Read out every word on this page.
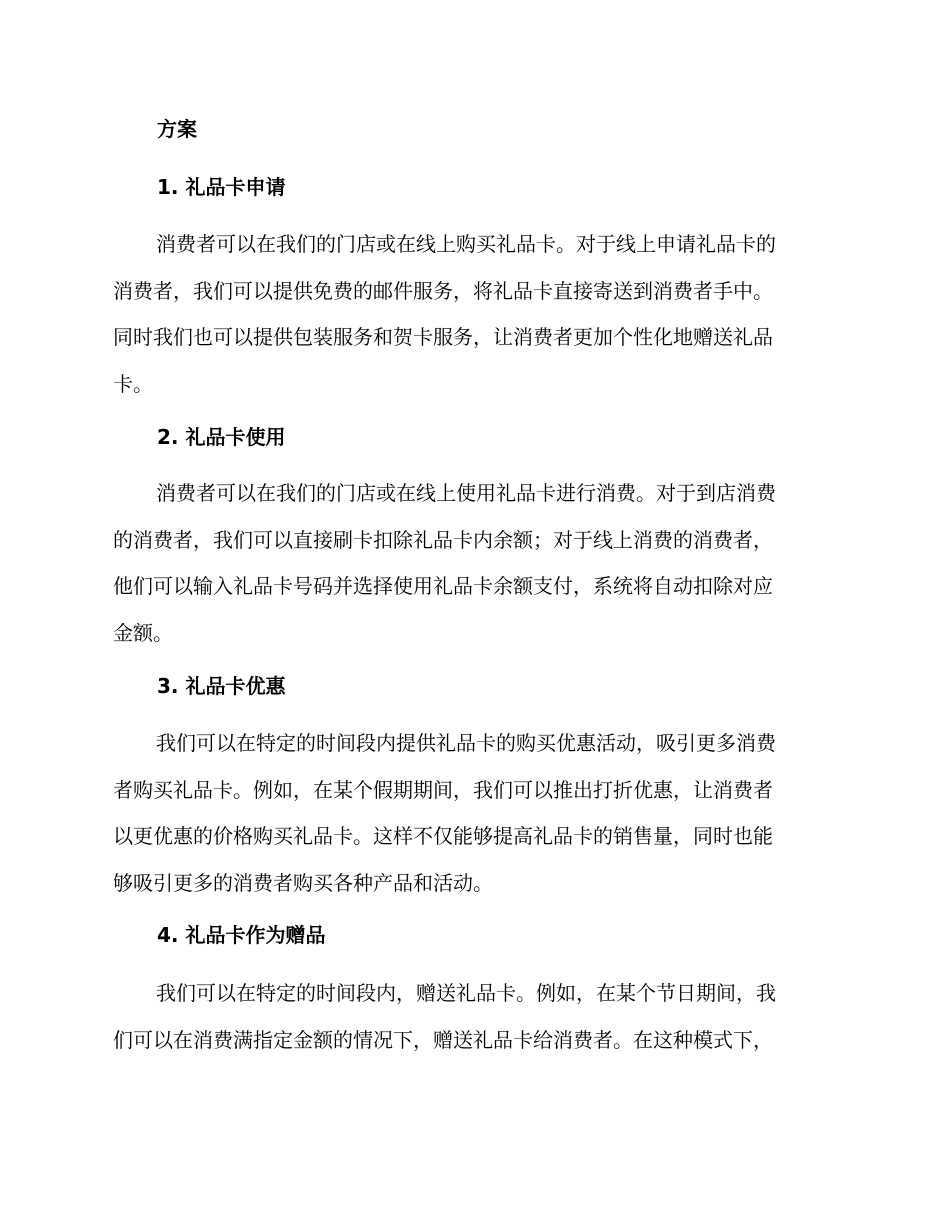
方案
1. 礼品卡申请

消费者可以在我们的门店或在线上购买礼品卡。对于线上申请礼品卡的
消费者，我们可以提供免费的邮件服务，将礼品卡直接寄送到消费者手中。
同时我们也可以提供包装服务和贺卡服务，让消费者更加个性化地赠送礼品
卡。

2. 礼品卡使用

消费者可以在我们的门店或在线上使用礼品卡进行消费。对于到店消费
的消费者，我们可以直接刷卡扣除礼品卡内余额；对于线上消费的消费者，
他们可以输入礼品卡号码并选择使用礼品卡余额支付，系统将自动扣除对应
金额。

3. 礼品卡优惠

我们可以在特定的时间段内提供礼品卡的购买优惠活动，吸引更多消费
者购买礼品卡。例如，在某个假期期间，我们可以推出打折优惠，让消费者
以更优惠的价格购买礼品卡。这样不仅能够提高礼品卡的销售量，同时也能
够吸引更多的消费者购买各种产品和活动。

4. 礼品卡作为赠品

我们可以在特定的时间段内，赠送礼品卡。例如，在某个节日期间，我
们可以在消费满指定金额的情况下，赠送礼品卡给消费者。在这种模式下，
